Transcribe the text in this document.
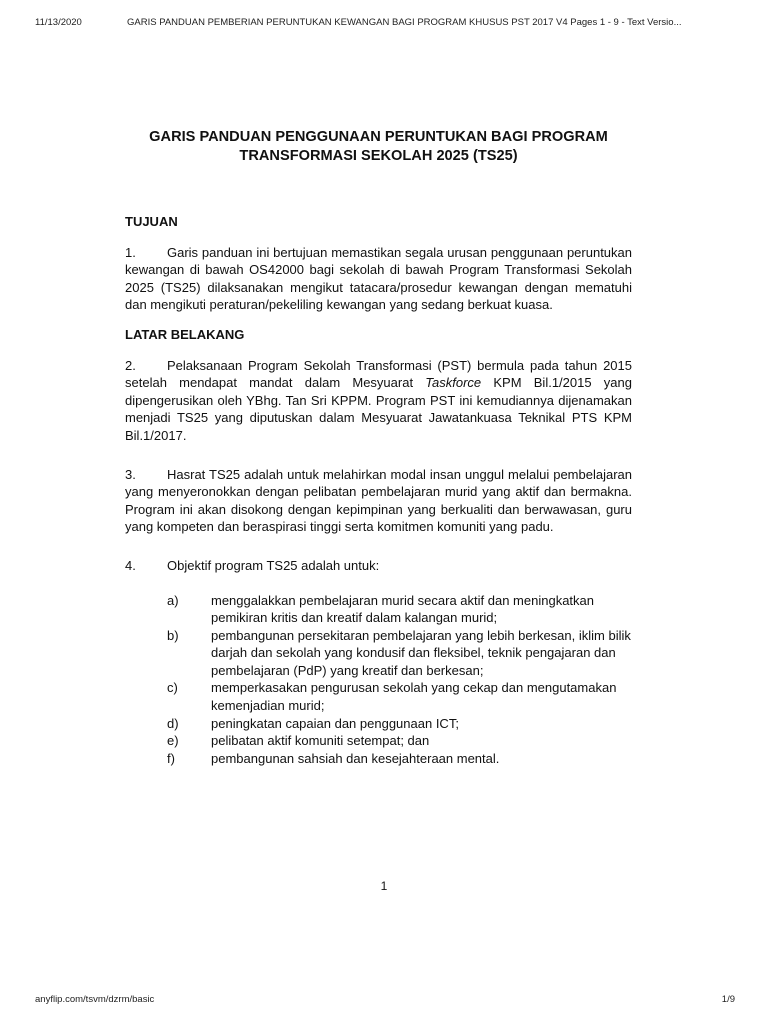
11/13/2020	GARIS PANDUAN PEMBERIAN PERUNTUKAN KEWANGAN BAGI PROGRAM KHUSUS PST 2017 V4 Pages 1 - 9 - Text Versio...
GARIS PANDUAN PENGGUNAAN PERUNTUKAN BAGI PROGRAM
TRANSFORMASI SEKOLAH 2025 (TS25)

TUJUAN

1. Garis panduan ini bertujuan memastikan segala urusan penggunaan peruntukan kewangan di bawah OS42000 bagi sekolah di bawah Program Transformasi Sekolah 2025 (TS25) dilaksanakan mengikut tatacara/prosedur kewangan dengan mematuhi dan mengikuti peraturan/pekeliling kewangan yang sedang berkuat kuasa.

LATAR BELAKANG

2. Pelaksanaan Program Sekolah Transformasi (PST) bermula pada tahun 2015 setelah mendapat mandat dalam Mesyuarat Taskforce KPM Bil.1/2015 yang dipengerusikan oleh YBhg. Tan Sri KPPM. Program PST ini kemudiannya dijenamakan menjadi TS25 yang diputuskan dalam Mesyuarat Jawatankuasa Teknikal PTS KPM Bil.1/2017.

3. Hasrat TS25 adalah untuk melahirkan modal insan unggul melalui pembelajaran yang menyeronokkan dengan pelibatan pembelajaran murid yang aktif dan bermakna. Program ini akan disokong dengan kepimpinan yang berkualiti dan berwawasan, guru yang kompeten dan beraspirasi tinggi serta komitmen komuniti yang padu.

4. Objektif program TS25 adalah untuk:

a) menggalakkan pembelajaran murid secara aktif dan meningkatkan pemikiran kritis dan kreatif dalam kalangan murid;
b) pembangunan persekitaran pembelajaran yang lebih berkesan, iklim bilik darjah dan sekolah yang kondusif dan fleksibel, teknik pengajaran dan pembelajaran (PdP) yang kreatif dan berkesan;
c)	memperkasakan pengurusan sekolah yang cekap dan mengutamakan kemenjadian murid;
d) peningkatan capaian dan penggunaan ICT;
e) pelibatan aktif komuniti setempat; dan
f)	pembangunan sahsiah dan kesejahteraan mental.
1
anyflip.com/tsvm/dzrm/basic	1/9
